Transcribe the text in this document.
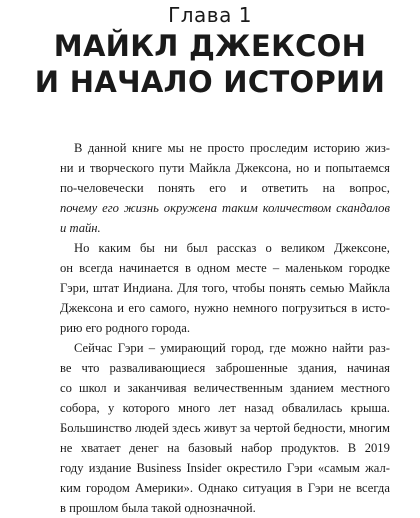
Глава 1
МАЙКЛ ДЖЕКСОН
И НАЧАЛО ИСТОРИИ
В данной книге мы не просто проследим историю жиз-
ни и творческого пути Майкла Джексона, но и попытаемся
по-человечески понять его и ответить на вопрос,
почему его жизнь окружена таким количеством скандалов
и тайн.
Но каким бы ни был рассказ о великом Джексоне,
он всегда начинается в одном месте – маленьком городке
Гэри, штат Индиана. Для того, чтобы понять семью Майкла
Джексона и его самого, нужно немного погрузиться в исто-
рию его родного города.
Сейчас Гэри – умирающий город, где можно найти раз-
ве что разваливающиеся заброшенные здания, начиная
со школ и заканчивая величественным зданием местного
собора, у которого много лет назад обвалилась крыша.
Большинство людей здесь живут за чертой бедности, многим
не хватает денег на базовый набор продуктов. В 2019
году издание Business Insider окрестило Гэри «самым жал-
ким городом Америки». Однако ситуация в Гэри не всегда
в прошлом была такой однозначной.
